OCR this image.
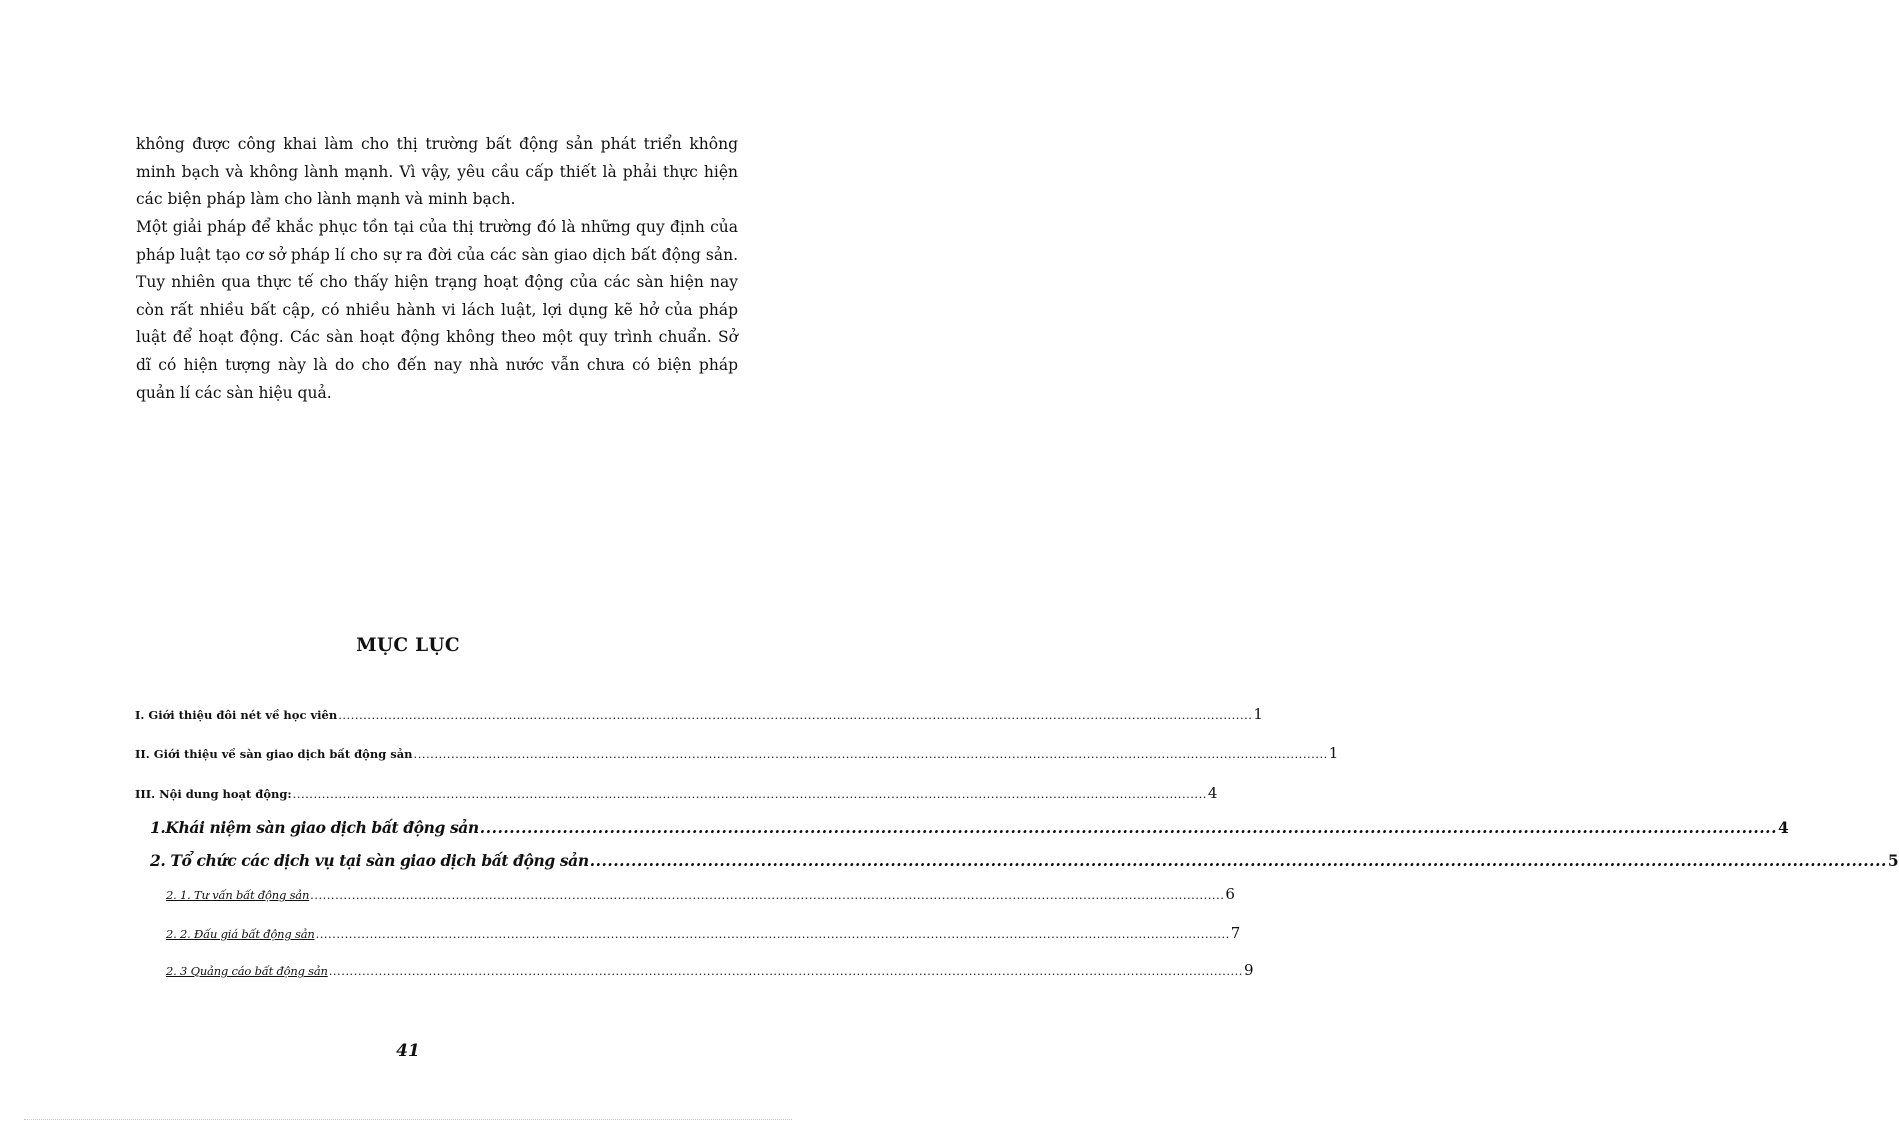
không được công khai làm cho thị trường bất động sản phát triển không minh bạch và không lành mạnh. Vì vậy, yêu cầu cấp thiết là phải thực hiện các biện pháp làm cho lành mạnh và minh bạch.

Một giải pháp để khắc phục tồn tại của thị trường đó là những quy định của pháp luật tạo cơ sở pháp lí cho sự ra đời của các sàn giao dịch bất động sản. Tuy nhiên qua thực tế cho thấy hiện trạng hoạt động của các sàn hiện nay còn rất nhiều bất cập, có nhiều hành vi lách luật, lợi dụng kẽ hở của pháp luật để hoạt động. Các sàn hoạt động không theo một quy trình chuẩn. Sở dĩ có hiện tượng này là do cho đến nay nhà nước vẫn chưa có biện pháp quản lí các sàn hiệu quả.

MỤC LỤC
I. Giới thiệu đôi nét về học viên ............................................................................................................................................................................................................................ 1
II. Giới thiệu về sàn giao dịch bất động sản ............................................................................................................................................................................................................................ 1
III. Nội dung hoạt động: ............................................................................................................................................................................................................................ 4
1.Khái niệm sàn giao dịch bất động sản ............................................................................................................................................................................................................................ 4
2. Tổ chức các dịch vụ tại sàn giao dịch bất động sản ............................................................................................................................................................................................................................ 5
2. 1. Tư vấn bất động sản ............................................................................................................................................................................................................................ 6
2. 2. Đấu giá bất động sản ............................................................................................................................................................................................................................ 7
2. 3 Quảng cáo bất động sản ............................................................................................................................................................................................................................ 9
41
